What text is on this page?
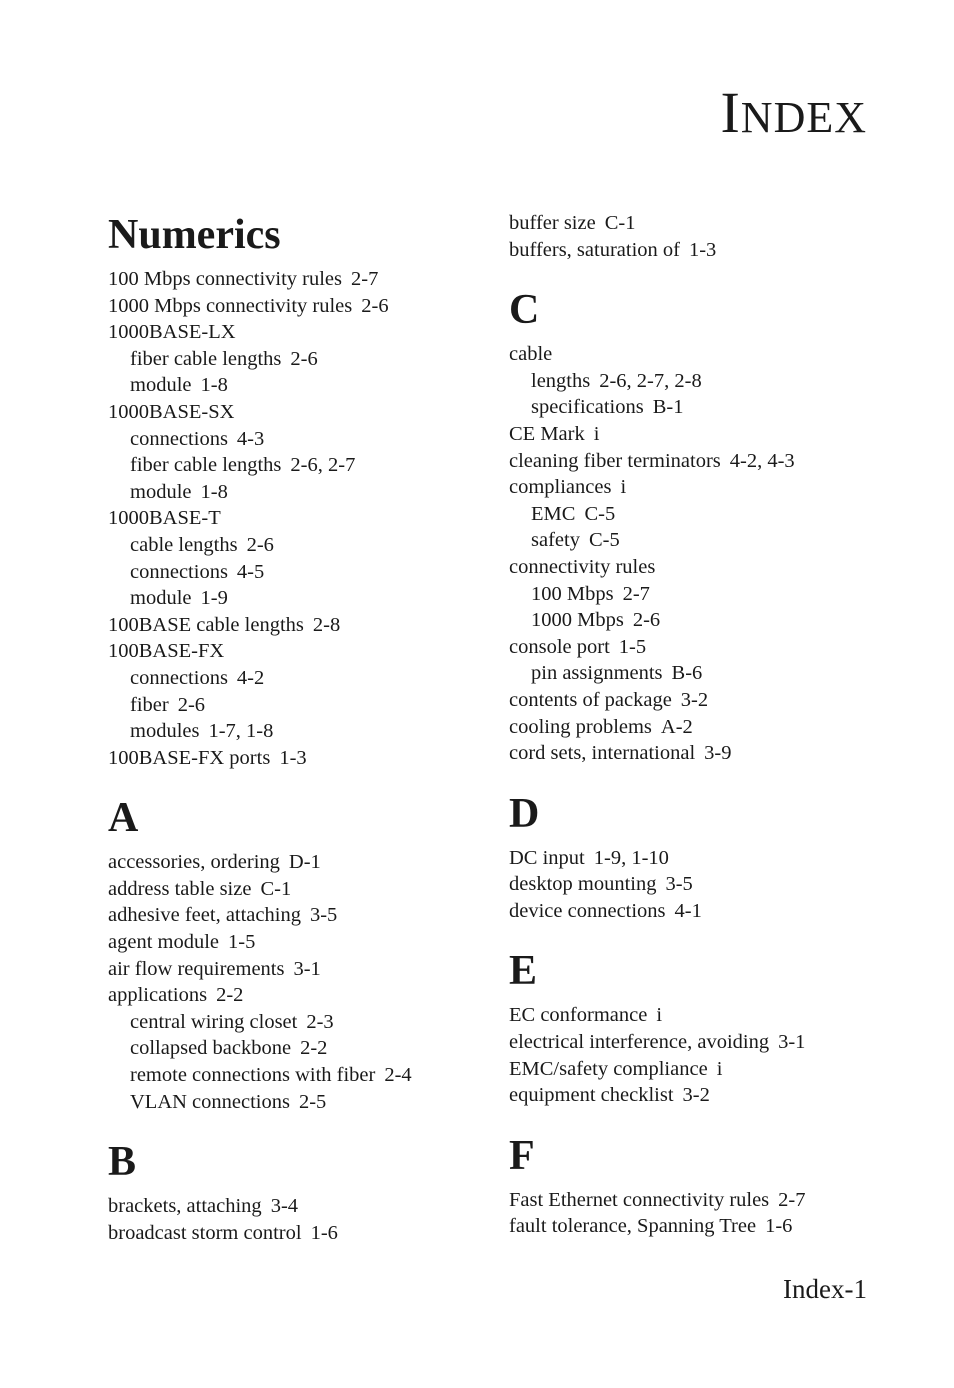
INDEX
Numerics
100 Mbps connectivity rules 2-7
1000 Mbps connectivity rules 2-6
1000BASE-LX
fiber cable lengths 2-6
module 1-8
1000BASE-SX
connections 4-3
fiber cable lengths 2-6, 2-7
module 1-8
1000BASE-T
cable lengths 2-6
connections 4-5
module 1-9
100BASE cable lengths 2-8
100BASE-FX
connections 4-2
fiber 2-6
modules 1-7, 1-8
100BASE-FX ports 1-3
A
accessories, ordering D-1
address table size C-1
adhesive feet, attaching 3-5
agent module 1-5
air flow requirements 3-1
applications 2-2
central wiring closet 2-3
collapsed backbone 2-2
remote connections with fiber 2-4
VLAN connections 2-5
B
brackets, attaching 3-4
broadcast storm control 1-6
buffer size C-1
buffers, saturation of 1-3
C
cable
lengths 2-6, 2-7, 2-8
specifications B-1
CE Mark i
cleaning fiber terminators 4-2, 4-3
compliances i
EMC C-5
safety C-5
connectivity rules
100 Mbps 2-7
1000 Mbps 2-6
console port 1-5
pin assignments B-6
contents of package 3-2
cooling problems A-2
cord sets, international 3-9
D
DC input 1-9, 1-10
desktop mounting 3-5
device connections 4-1
E
EC conformance i
electrical interference, avoiding 3-1
EMC/safety compliance i
equipment checklist 3-2
F
Fast Ethernet connectivity rules 2-7
fault tolerance, Spanning Tree 1-6
Index-1
